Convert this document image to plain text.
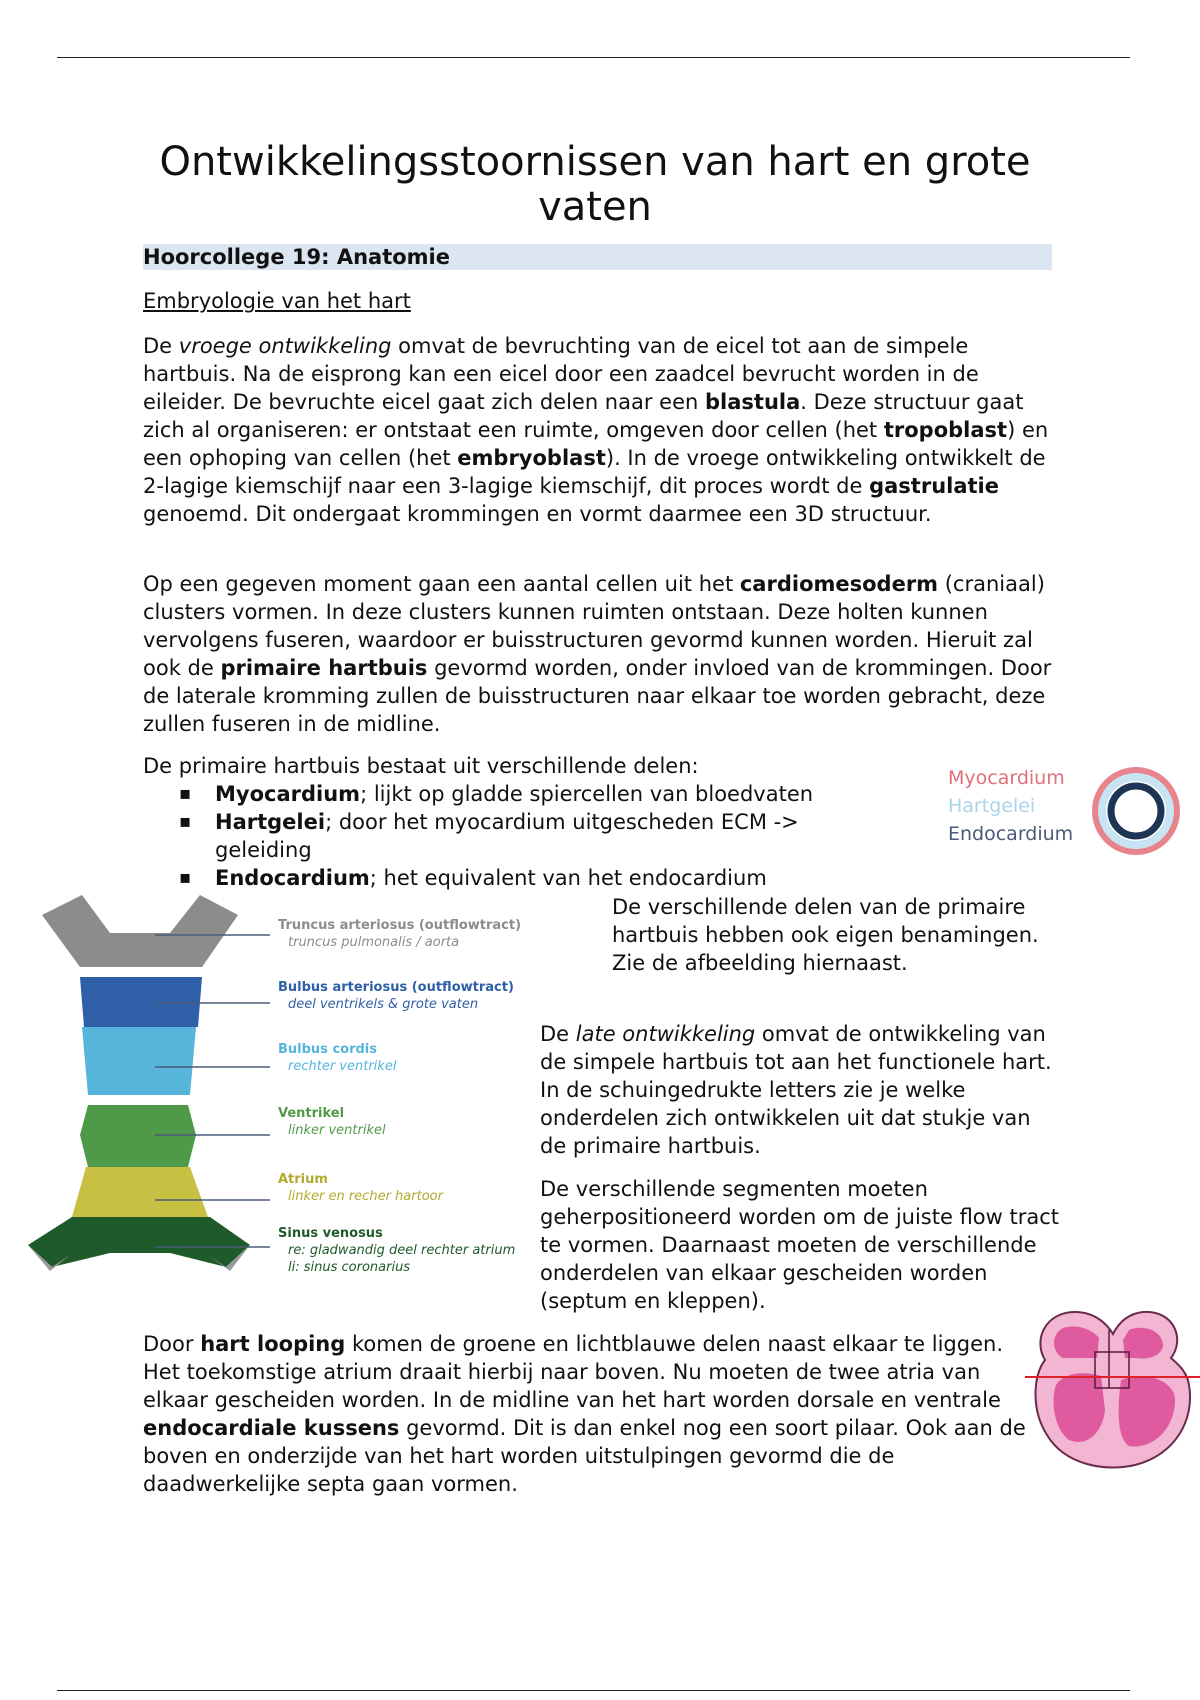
Ontwikkelingsstoornissen van hart en grote vaten
Hoorcollege 19: Anatomie
Embryologie van het hart

De vroege ontwikkeling omvat de bevruchting van de eicel tot aan de simpele hartbuis. Na de eisprong kan een eicel door een zaadcel bevrucht worden in de eileider. De bevruchte eicel gaat zich delen naar een blastula. Deze structuur gaat zich al organiseren: er ontstaat een ruimte, omgeven door cellen (het tropoblast) en een ophoping van cellen (het embryoblast). In de vroege ontwikkeling ontwikkelt de 2-lagige kiemschijf naar een 3-lagige kiemschijf, dit proces wordt de gastrulatie genoemd. Dit ondergaat krommingen en vormt daarmee een 3D structuur.

Op een gegeven moment gaan een aantal cellen uit het cardiomesoderm (craniaal) clusters vormen. In deze clusters kunnen ruimten ontstaan. Deze holten kunnen vervolgens fuseren, waardoor er buisstructuren gevormd kunnen worden. Hieruit zal ook de primaire hartbuis gevormd worden, onder invloed van de krommingen. Door de laterale kromming zullen de buisstructuren naar elkaar toe worden gebracht, deze zullen fuseren in de midline.

De primaire hartbuis bestaat uit verschillende delen:

▪ Myocardium; lijkt op gladde spiercellen van bloedvaten
▪ Hartgelei; door het myocardium uitgescheden ECM -> geleiding
▪ Endocardium; het equivalent van het endocardium
Myocardium
Hartgelei
Endocardium
Truncus arteriosus (outflowtract)
truncus pulmonalis / aorta
Bulbus arteriosus (outflowtract)
deel ventrikels & grote vaten
Bulbus cordis
rechter ventrikel
Ventrikel
linker ventrikel
Atrium
linker en recher hartoor
Sinus venosus
re: gladwandig deel rechter atrium
li: sinus coronarius

De verschillende delen van de primaire hartbuis hebben ook eigen benamingen. Zie de afbeelding hiernaast.

De late ontwikkeling omvat de ontwikkeling van de simpele hartbuis tot aan het functionele hart. In de schuingedrukte letters zie je welke onderdelen zich ontwikkelen uit dat stukje van de primaire hartbuis.

De verschillende segmenten moeten geherpositioneerd worden om de juiste flow tract te vormen. Daarnaast moeten de verschillende onderdelen van elkaar gescheiden worden (septum en kleppen).

Door hart looping komen de groene en lichtblauwe delen naast elkaar te liggen. Het toekomstige atrium draait hierbij naar boven. Nu moeten de twee atria van elkaar gescheiden worden. In de midline van het hart worden dorsale en ventrale endocardiale kussens gevormd. Dit is dan enkel nog een soort pilaar. Ook aan de boven en onderzijde van het hart worden uitstulpingen gevormd die de daadwerkelijke septa gaan vormen.
